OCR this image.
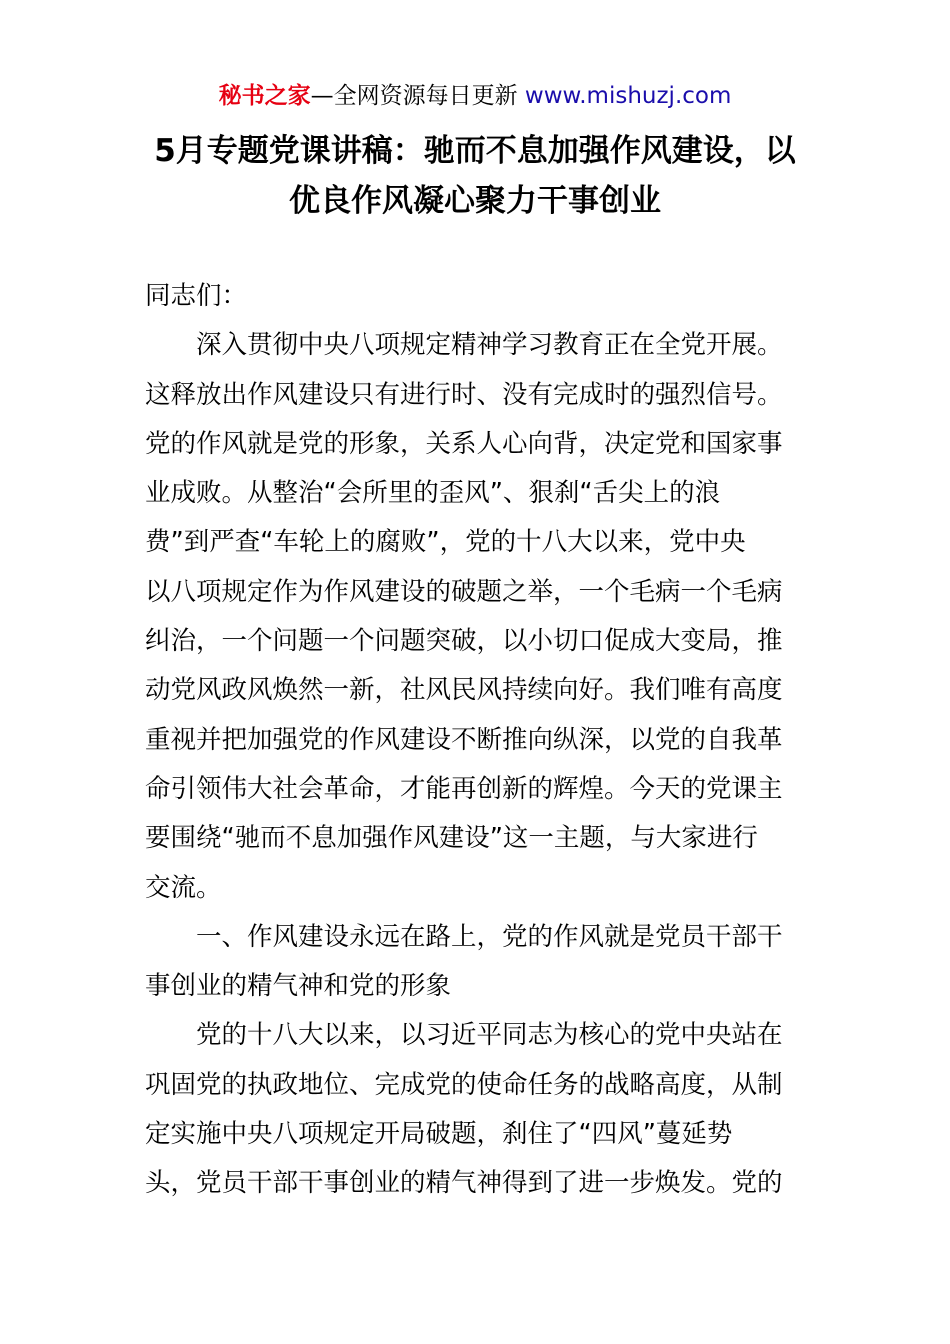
秘书之家—全网资源每日更新 www.mishuzj.com
5月专题党课讲稿：驰而不息加强作风建设，以
优良作风凝心聚力干事创业
同志们：
深入贯彻中央八项规定精神学习教育正在全党开展。
这释放出作风建设只有进行时、没有完成时的强烈信号。
党的作风就是党的形象，关系人心向背，决定党和国家事
业成败。从整治“会所里的歪风”、狠刹“舌尖上的浪
费”到严查“车轮上的腐败”，党的十八大以来，党中央
以八项规定作为作风建设的破题之举，一个毛病一个毛病
纠治，一个问题一个问题突破，以小切口促成大变局，推
动党风政风焕然一新，社风民风持续向好。我们唯有高度
重视并把加强党的作风建设不断推向纵深，以党的自我革
命引领伟大社会革命，才能再创新的辉煌。今天的党课主
要围绕“驰而不息加强作风建设”这一主题，与大家进行
交流。
一、作风建设永远在路上，党的作风就是党员干部干
事创业的精气神和党的形象
党的十八大以来，以习近平同志为核心的党中央站在
巩固党的执政地位、完成党的使命任务的战略高度，从制
定实施中央八项规定开局破题，刹住了“四风”蔓延势
头，党员干部干事创业的精气神得到了进一步焕发。党的
